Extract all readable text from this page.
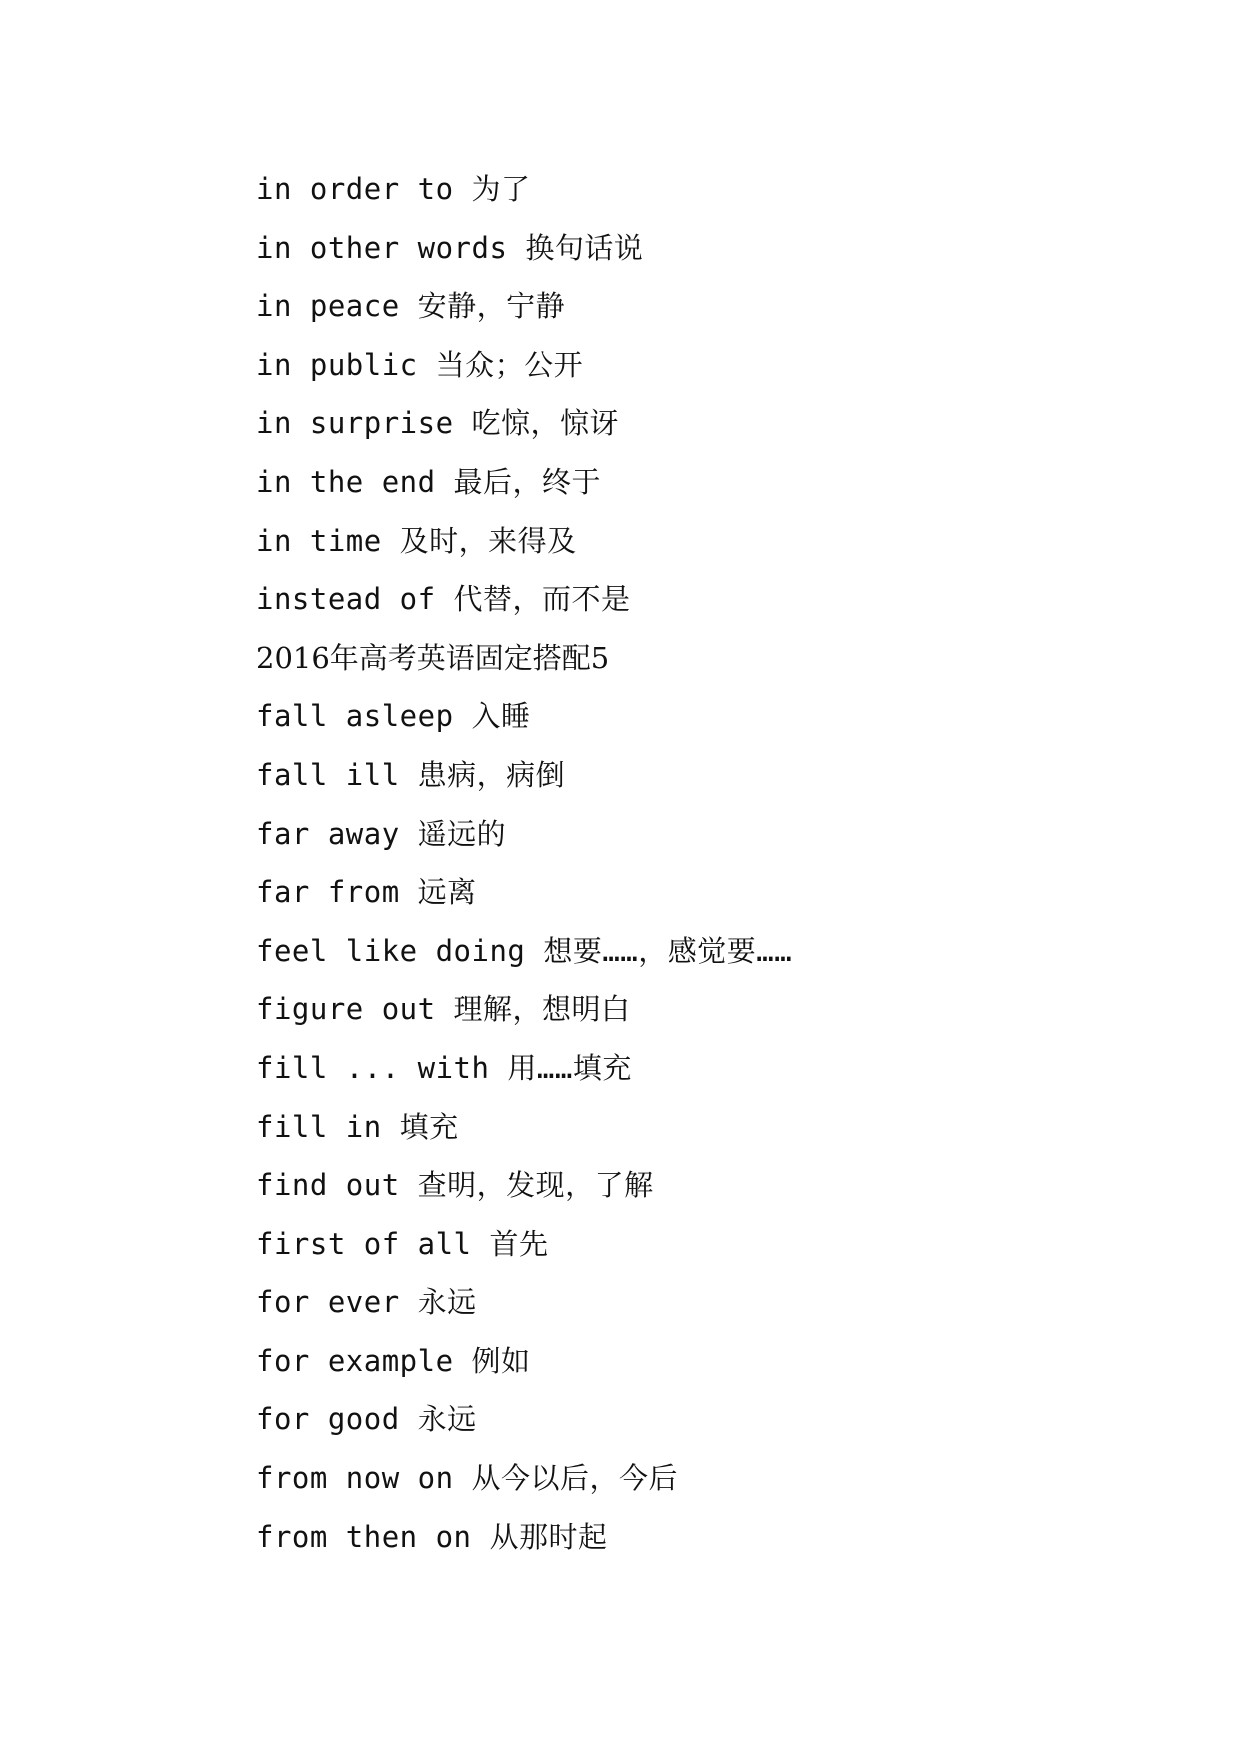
in order to 为了
in other words 换句话说
in peace 安静，宁静
in public 当众；公开
in surprise 吃惊，惊讶
in the end 最后，终于
in time 及时，来得及
instead of 代替，而不是
2016年高考英语固定搭配5
fall asleep 入睡
fall ill 患病，病倒
far away 遥远的
far from 远离
feel like doing 想要……，感觉要……
figure out 理解，想明白
fill ... with 用……填充
fill in 填充
find out 查明，发现，了解
first of all 首先
for ever 永远
for example 例如
for good 永远
from now on 从今以后，今后
from then on 从那时起
